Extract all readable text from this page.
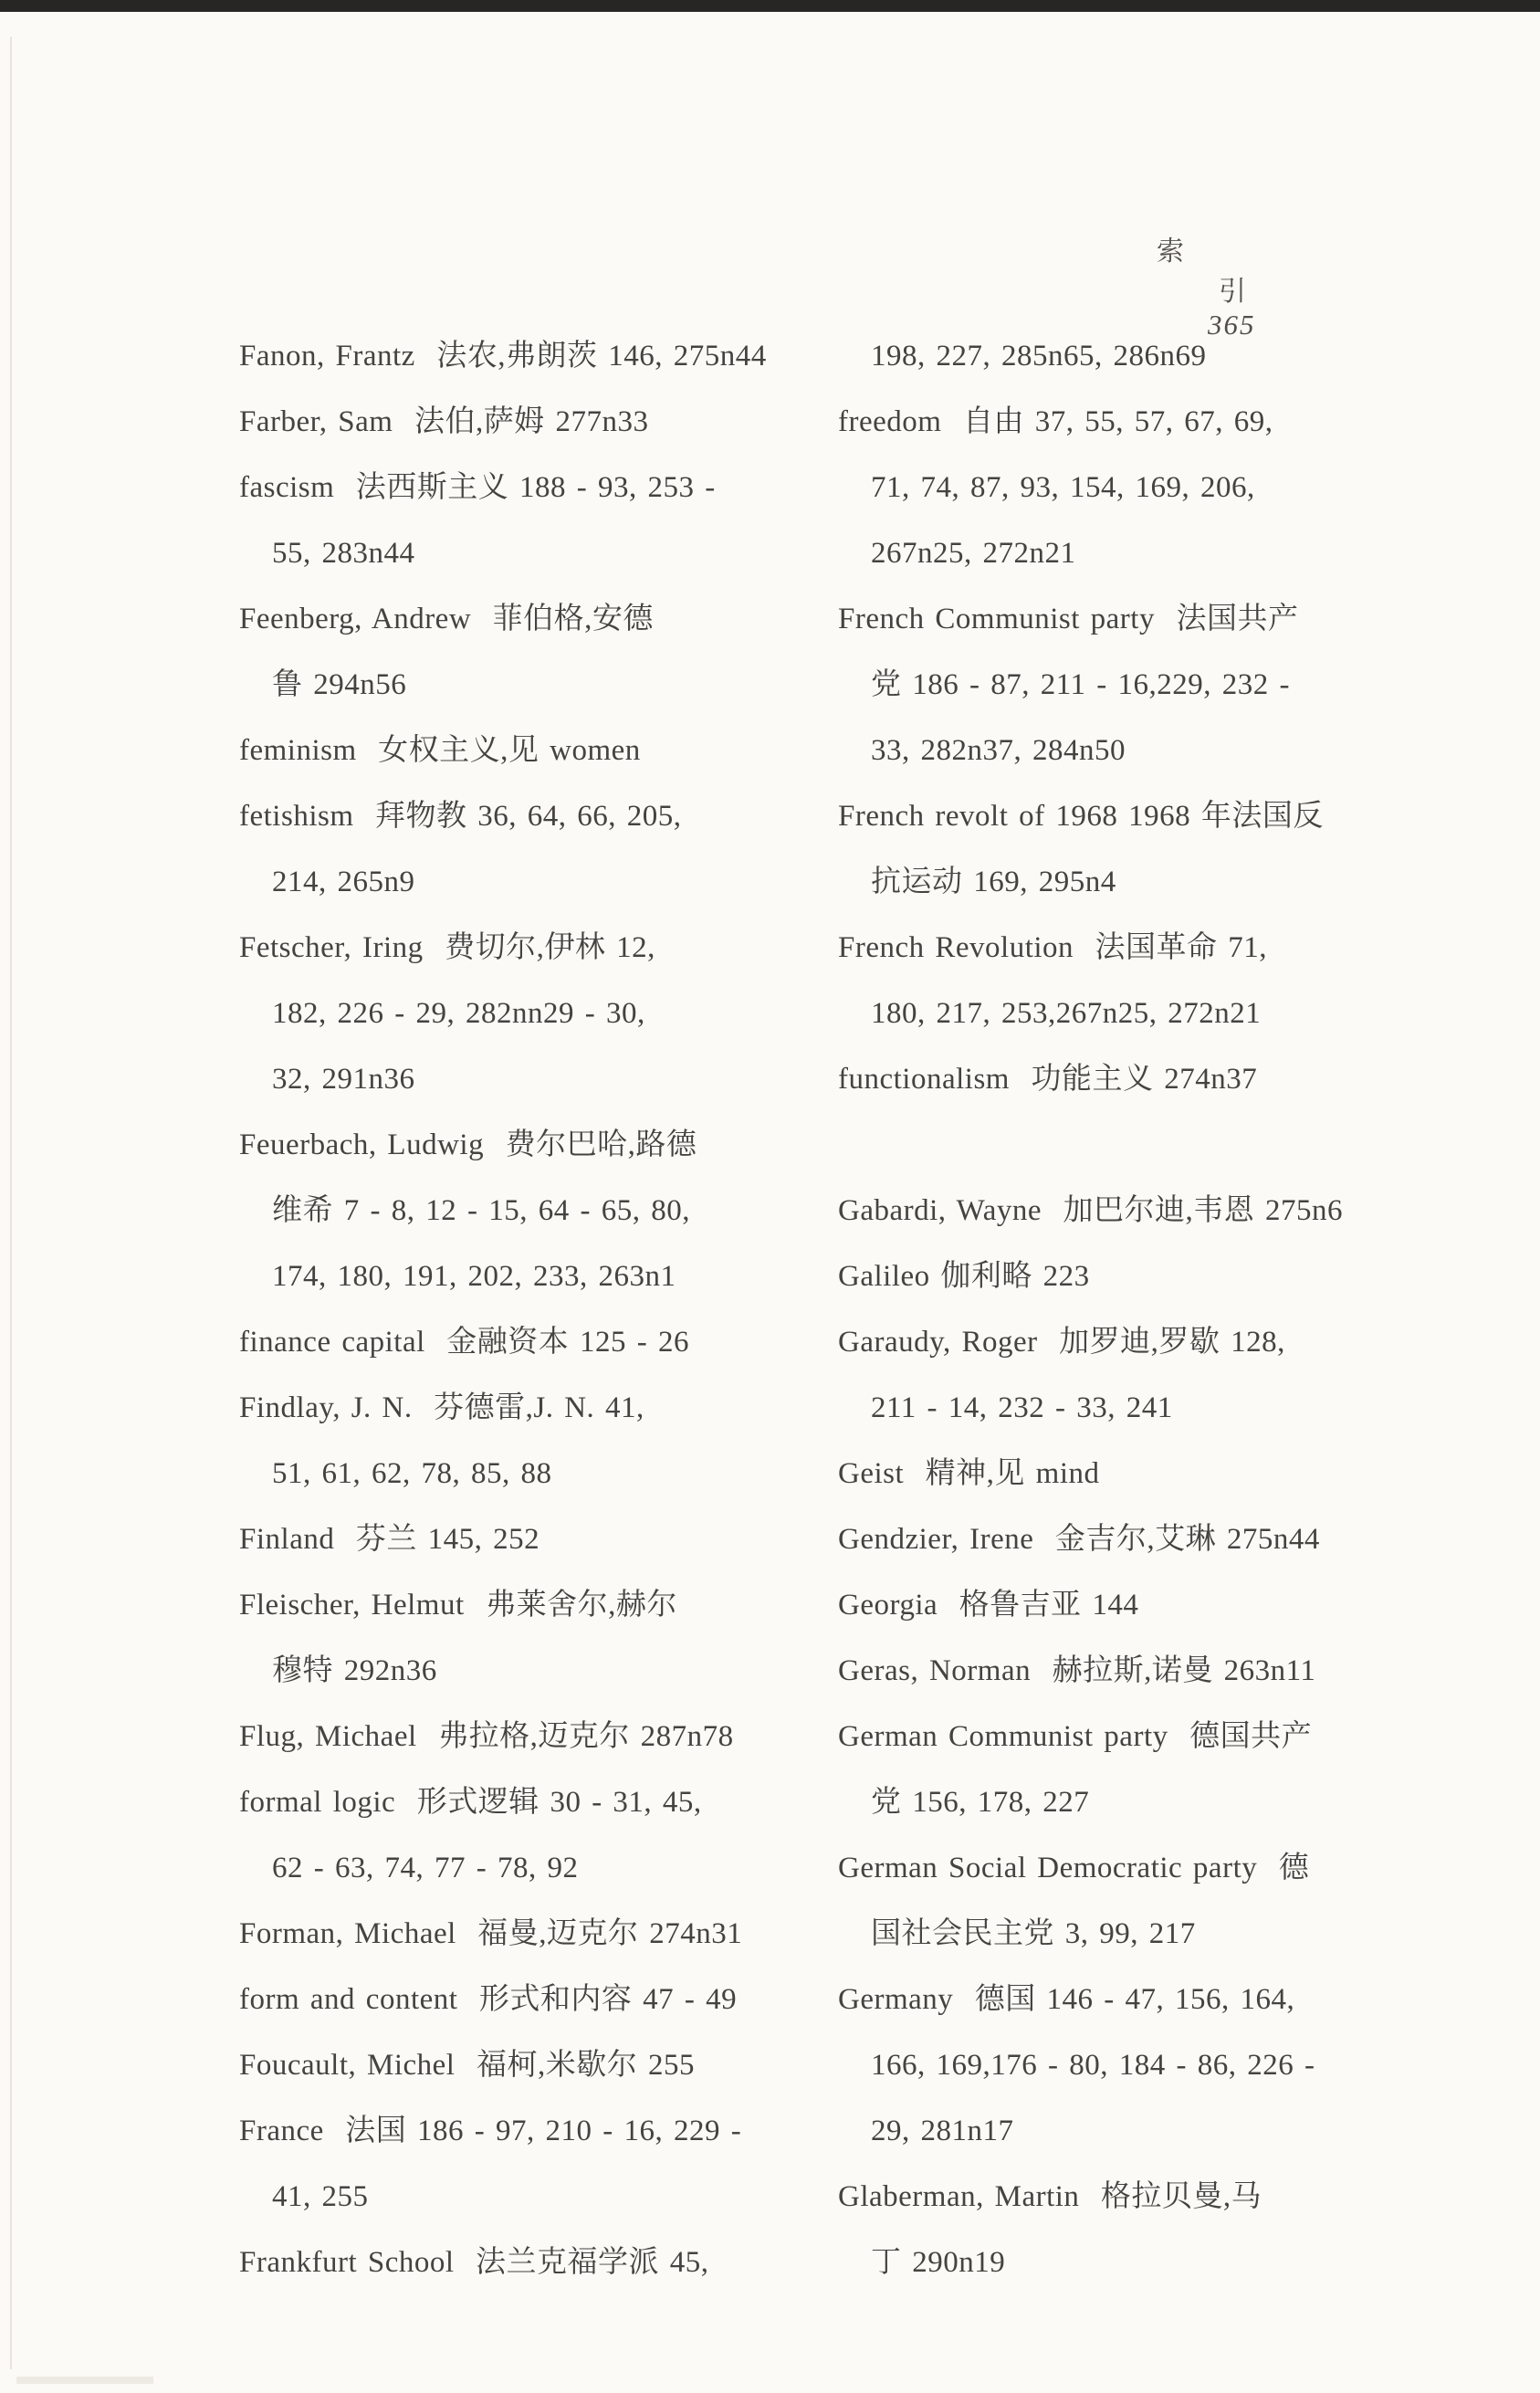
索
引
365

Fanon, Frantz  法农,弗朗茨 146, 275n44
Farber, Sam  法伯,萨姆 277n33
fascism  法西斯主义 188 - 93, 253 -
55, 283n44
Feenberg, Andrew  菲伯格,安德
鲁 294n56
feminism  女权主义,见 women
fetishism  拜物教 36, 64, 66, 205,
214, 265n9
Fetscher, Iring  费切尔,伊林 12,
182, 226 - 29, 282nn29 - 30,
32, 291n36
Feuerbach, Ludwig  费尔巴哈,路德
维希 7 - 8, 12 - 15, 64 - 65, 80,
174, 180, 191, 202, 233, 263n1
finance capital  金融资本 125 - 26
Findlay, J. N.  芬德雷,J. N. 41,
51, 61, 62, 78, 85, 88
Finland  芬兰 145, 252
Fleischer, Helmut  弗莱舍尔,赫尔
穆特 292n36
Flug, Michael  弗拉格,迈克尔 287n78
formal logic  形式逻辑 30 - 31, 45,
62 - 63, 74, 77 - 78, 92
Forman, Michael  福曼,迈克尔 274n31
form and content  形式和内容 47 - 49
Foucault, Michel  福柯,米歇尔 255
France  法国 186 - 97, 210 - 16, 229 -
41, 255
Frankfurt School  法兰克福学派 45,
198, 227, 285n65, 286n69
freedom  自由 37, 55, 57, 67, 69,
71, 74, 87, 93, 154, 169, 206,
267n25, 272n21
French Communist party  法国共产
党 186 - 87, 211 - 16,229, 232 -
33, 282n37, 284n50
French revolt of 1968 1968 年法国反
抗运动 169, 295n4
French Revolution  法国革命 71,
180, 217, 253,267n25, 272n21
functionalism  功能主义 274n37
Gabardi, Wayne  加巴尔迪,韦恩 275n6
Galileo 伽利略 223
Garaudy, Roger  加罗迪,罗歇 128,
211 - 14, 232 - 33, 241
Geist  精神,见 mind
Gendzier, Irene  金吉尔,艾琳 275n44
Georgia  格鲁吉亚 144
Geras, Norman  赫拉斯,诺曼 263n11
German Communist party  德国共产
党 156, 178, 227
German Social Democratic party  德
国社会民主党 3, 99, 217
Germany  德国 146 - 47, 156, 164,
166, 169,176 - 80, 184 - 86, 226 -
29, 281n17
Glaberman, Martin  格拉贝曼,马
丁 290n19
